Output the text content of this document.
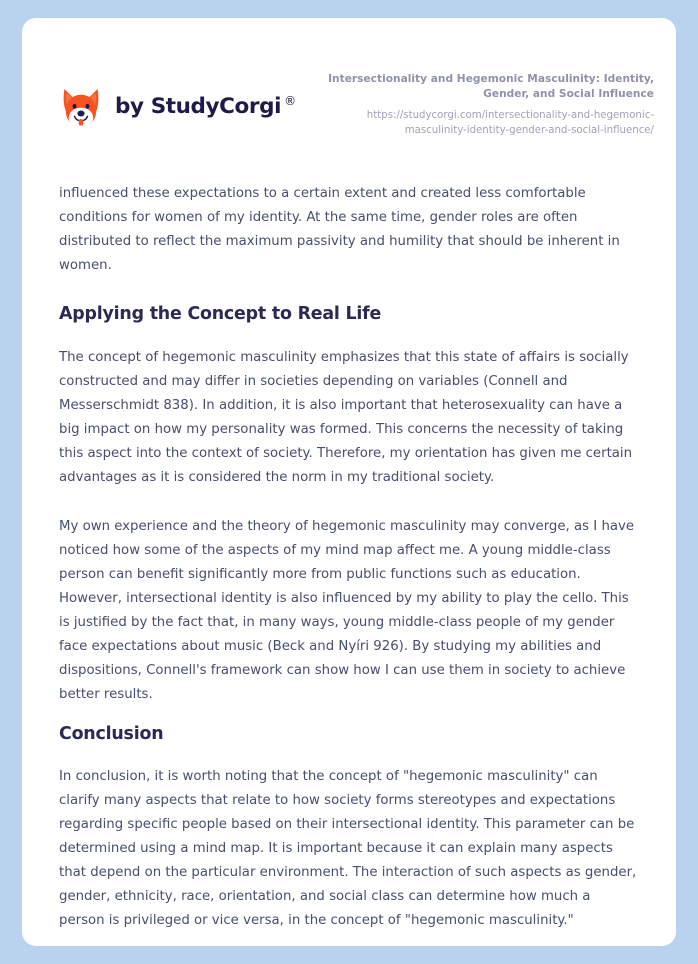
by StudyCorgi ®

Intersectionality and Hegemonic Masculinity: Identity, Gender, and Social Influence

https://studycorgi.com/intersectionality-and-hegemonic-masculinity-identity-gender-and-social-influence/

influenced these expectations to a certain extent and created less comfortable conditions for women of my identity. At the same time, gender roles are often distributed to reflect the maximum passivity and humility that should be inherent in women.

Applying the Concept to Real Life

The concept of hegemonic masculinity emphasizes that this state of affairs is socially constructed and may differ in societies depending on variables (Connell and Messerschmidt 838). In addition, it is also important that heterosexuality can have a big impact on how my personality was formed. This concerns the necessity of taking this aspect into the context of society. Therefore, my orientation has given me certain advantages as it is considered the norm in my traditional society.

My own experience and the theory of hegemonic masculinity may converge, as I have noticed how some of the aspects of my mind map affect me. A young middle-class person can benefit significantly more from public functions such as education. However, intersectional identity is also influenced by my ability to play the cello. This is justified by the fact that, in many ways, young middle-class people of my gender face expectations about music (Beck and Nyíri 926). By studying my abilities and dispositions, Connell's framework can show how I can use them in society to achieve better results.

Conclusion

In conclusion, it is worth noting that the concept of "hegemonic masculinity" can clarify many aspects that relate to how society forms stereotypes and expectations regarding specific people based on their intersectional identity. This parameter can be determined using a mind map. It is important because it can explain many aspects that depend on the particular environment. The interaction of such aspects as gender, gender, ethnicity, race, orientation, and social class can determine how much a person is privileged or vice versa, in the concept of "hegemonic masculinity."
